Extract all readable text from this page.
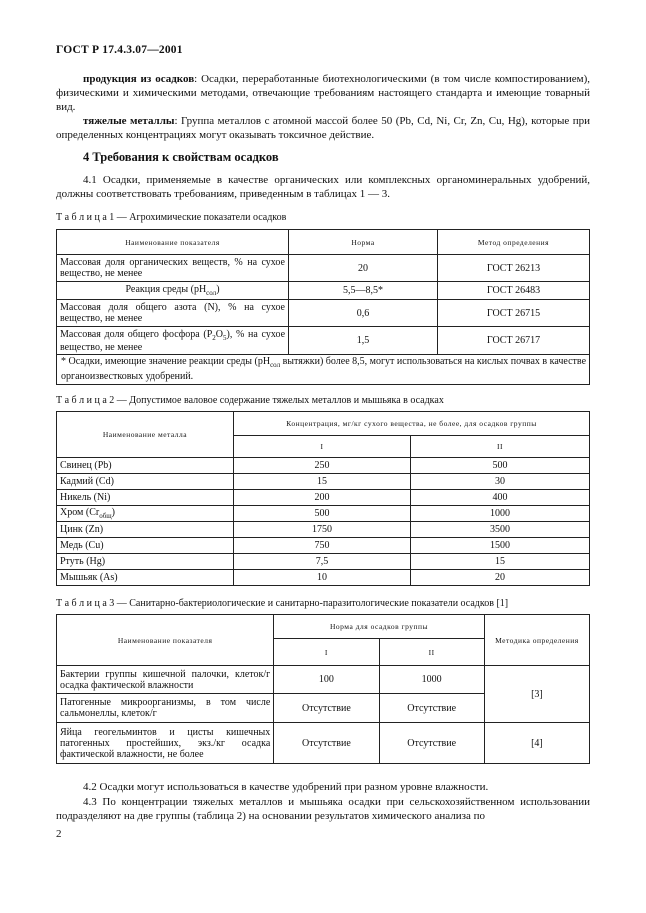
ГОСТ Р 17.4.3.07—2001

продукция из осадков: Осадки, переработанные биотехнологическими (в том числе компостированием), физическими и химическими методами, отвечающие требованиям настоящего стандарта и имеющие товарный вид.

тяжелые металлы: Группа металлов с атомной массой более 50 (Pb, Cd, Ni, Cr, Zn, Cu, Hg), которые при определенных концентрациях могут оказывать токсичное действие.

4 Требования к свойствам осадков

4.1 Осадки, применяемые в качестве органических или комплексных органоминеральных удобрений, должны соответствовать требованиям, приведенным в таблицах 1 — 3.

Т а б л и ц а 1 — Агрохимические показатели осадков
Наименование показателя	Норма	Метод определения
Массовая доля органических веществ, % на сухое вещество, не менее	20	ГОСТ 26213
Реакция среды $(pH_{сол})$	5,5—8,5*	ГОСТ 26483
Массовая доля общего азота (N), % на сухое вещество, не менее	0,6	ГОСТ 26715
Массовая доля общего фосфора $(P_2O_5)$, % на сухое вещество, не менее	1,5	ГОСТ 26717
* Осадки, имеющие значение реакции среды ($pH_{сол}$ вытяжки) более 8,5, могут использоваться на кислых почвах в качестве органоизвестковых удобрений.		
Т а б л и ц а 2 — Допустимое валовое содержание тяжелых металлов и мышьяка в осадках
Наименование металла	Концентрация, мг/кг сухого вещества, не более, для осадков группы	
	I	II
Свинец (Pb)	250	500
Кадмий (Cd)	15	30
Никель (Ni)	200	400
Хром $(Cr_{общ})$	500	1000
Цинк (Zn)	1750	3500
Медь (Cu)	750	1500
Ртуть (Hg)	7,5	15
Мышьяк (As)	10	20
Т а б л и ц а 3 — Санитарно-бактериологические и санитарно-паразитологические показатели осадков [1]
Наименование показателя	Норма для осадков группы		Методика определения
	I	II	
Бактерии группы кишечной палочки, клеток/г осадка фактической влажности	100	1000	[3]
Патогенные микроорганизмы, в том числе сальмонеллы, клеток/г	Отсутствие	Отсутствие	
Яйца геогельминтов и цисты кишечных патогенных простейших, экз./кг осадка фактической влажности, не более	Отсутствие	Отсутствие	[4]

4.2 Осадки могут использоваться в качестве удобрений при разном уровне влажности.

4.3 По концентрации тяжелых металлов и мышьяка осадки при сельскохозяйственном использовании подразделяют на две группы (таблица 2) на основании результатов химического анализа по

2
